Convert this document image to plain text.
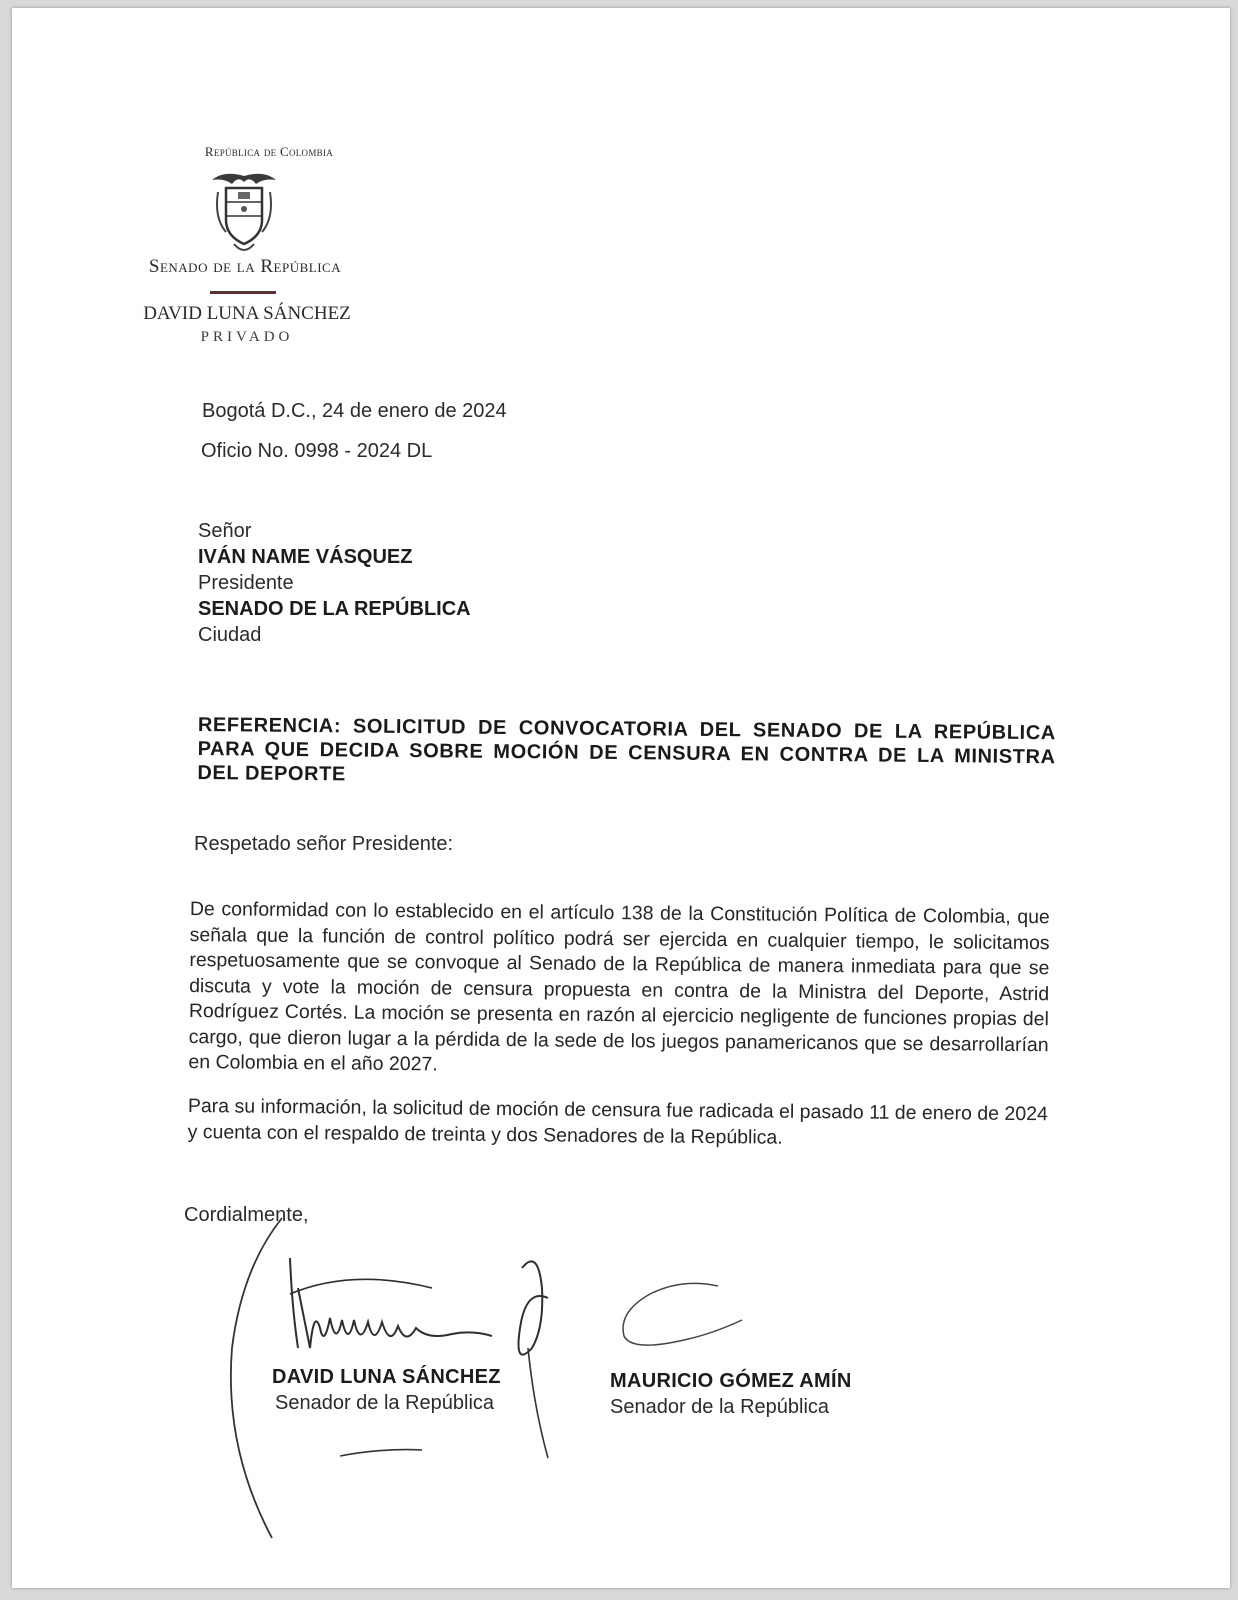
República de Colombia
Senado de la República
DAVID LUNA SÁNCHEZ
PRIVADO
Bogotá D.C., 24 de enero de 2024
Oficio No. 0998 - 2024 DL
Señor
IVÁN NAME VÁSQUEZ
Presidente
SENADO DE LA REPÚBLICA
Ciudad
REFERENCIA: SOLICITUD DE CONVOCATORIA DEL SENADO DE LA REPÚBLICA PARA QUE DECIDA SOBRE MOCIÓN DE CENSURA EN CONTRA DE LA MINISTRA DEL DEPORTE
Respetado señor Presidente:
De conformidad con lo establecido en el artículo 138 de la Constitución Política de Colombia, que señala que la función de control político podrá ser ejercida en cualquier tiempo, le solicitamos respetuosamente que se convoque al Senado de la República de manera inmediata para que se discuta y vote la moción de censura propuesta en contra de la Ministra del Deporte, Astrid Rodríguez Cortés. La moción se presenta en razón al ejercicio negligente de funciones propias del cargo, que dieron lugar a la pérdida de la sede de los juegos panamericanos que se desarrollarían en Colombia en el año 2027.
Para su información, la solicitud de moción de censura fue radicada el pasado 11 de enero de 2024 y cuenta con el respaldo de treinta y dos Senadores de la República.
Cordialmente,
DAVID LUNA SÁNCHEZ
Senador de la República
MAURICIO GÓMEZ AMÍN
Senador de la República
